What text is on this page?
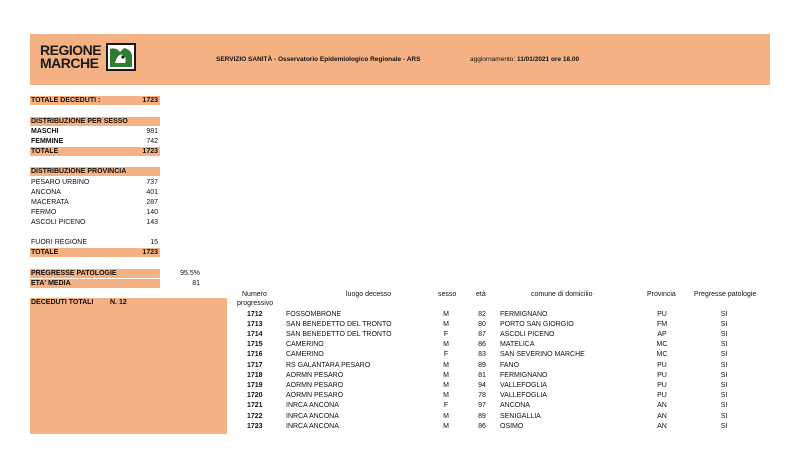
REGIONE
MARCHE	SERVIZIO SANITÀ - Osservatorio Epidemiologico Regionale - ARS	aggiornamento: 11/01/2021 ore 18.00
TOTALE DECEDUTI :	1723
DISTRIBUZIONE PER SESSO
MASCHI	981
FEMMINE	742
TOTALE	1723
DISTRIBUZIONE PROVINCIA
PESARO URBINO	737
ANCONA	401
MACERATA	287
FERMO	140
ASCOLI PICENO	143
FUORI REGIONE	15
TOTALE	1723
PREGRESSE PATOLOGIE	95,5%
ETA' MEDIA	81
DECEDUTI TOTALI N. 12
Numero
progressivo
luogo decesso	sesso	età	comune di domicilio	Provincia	Pregresse patologie
1712	FOSSOMBRONE	M	82	FERMIGNANO	PU	SI
1713	SAN BENEDETTO DEL TRONTO	M	80	PORTO SAN GIORGIO	FM	SI
1714	SAN BENEDETTO DEL TRONTO	F	87	ASCOLI PICENO	AP	SI
1715	CAMERINO	M	86	MATELICA	MC	SI
1716	CAMERINO	F	83	SAN SEVERINO MARCHE	MC	SI
1717	RS GALANTARA PESARO	M	89	FANO	PU	SI
1718	AORMN PESARO	M	81	FERMIGNANO	PU	SI
1719	AORMN PESARO	M	94	VALLEFOGLIA	PU	SI
1720	AORMN PESARO	M	78	VALLEFOGLIA	PU	SI
1721	INRCA ANCONA	F	97	ANCONA	AN	SI
1722	INRCA ANCONA	M	89	SENIGALLIA	AN	SI
1723	INRCA ANCONA	M	86	OSIMO	AN	SI
